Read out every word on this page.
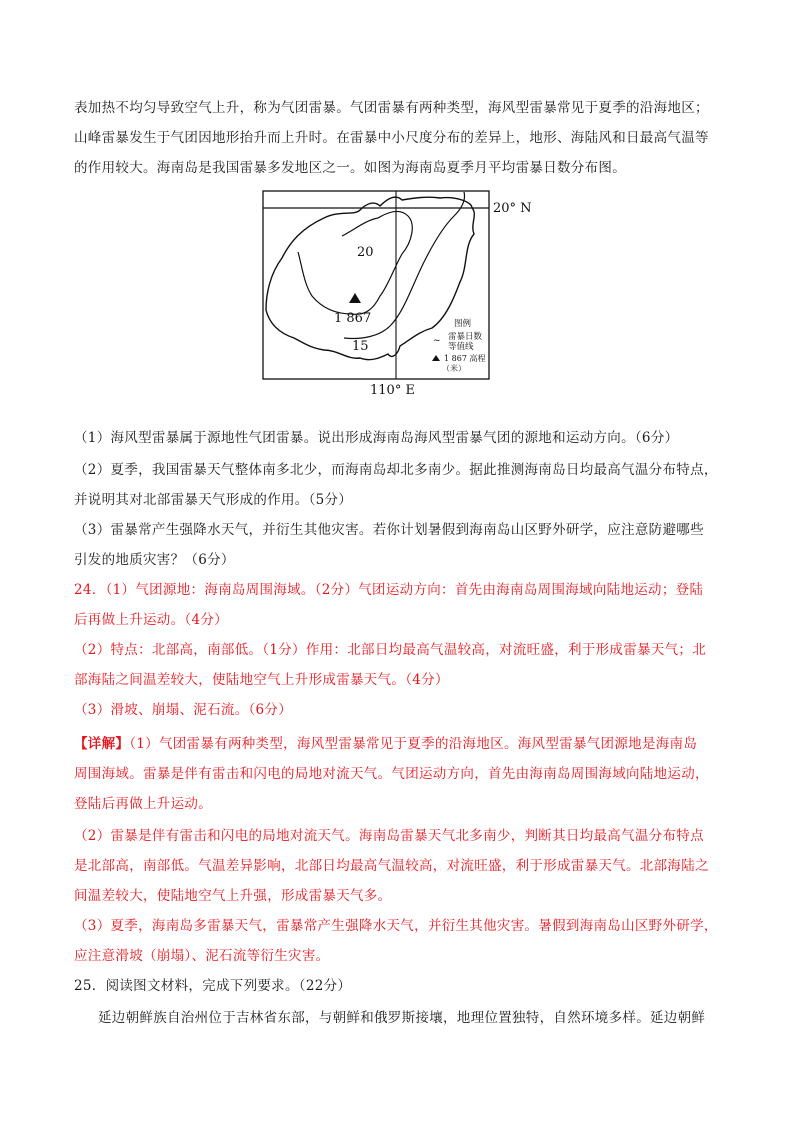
表加热不均匀导致空气上升，称为气团雷暴。气团雷暴有两种类型，海风型雷暴常见于夏季的沿海地区；
山峰雷暴发生于气团因地形抬升而上升时。在雷暴中小尺度分布的差异上，地形、海陆风和日最高气温等
的作用较大。海南岛是我国雷暴多发地区之一。如图为海南岛夏季月平均雷暴日数分布图。
20° N
20
1 867
15
110° E
图例
~ 雷暴日数
等值线
1 867 高程
（米）
（1）海风型雷暴属于源地性气团雷暴。说出形成海南岛海风型雷暴气团的源地和运动方向。（6分）
（2）夏季，我国雷暴天气整体南多北少，而海南岛却北多南少。据此推测海南岛日均最高气温分布特点，
并说明其对北部雷暴天气形成的作用。（5分）
（3）雷暴常产生强降水天气，并衍生其他灾害。若你计划暑假到海南岛山区野外研学，应注意防避哪些
引发的地质灾害？（6分）
24．（1）气团源地：海南岛周围海域。（2分）气团运动方向：首先由海南岛周围海域向陆地运动；登陆
后再做上升运动。（4分）
（2）特点：北部高，南部低。（1分）作用：北部日均最高气温较高，对流旺盛，利于形成雷暴天气；北
部海陆之间温差较大，使陆地空气上升形成雷暴天气。（4分）
（3）滑坡、崩塌、泥石流。（6分）
【详解】（1）气团雷暴有两种类型，海风型雷暴常见于夏季的沿海地区。海风型雷暴气团源地是海南岛
周围海域。雷暴是伴有雷击和闪电的局地对流天气。气团运动方向，首先由海南岛周围海域向陆地运动，
登陆后再做上升运动。
（2）雷暴是伴有雷击和闪电的局地对流天气。海南岛雷暴天气北多南少，判断其日均最高气温分布特点
是北部高，南部低。气温差异影响，北部日均最高气温较高，对流旺盛，利于形成雷暴天气。北部海陆之
间温差较大，使陆地空气上升强，形成雷暴天气多。
（3）夏季，海南岛多雷暴天气，雷暴常产生强降水天气，并衍生其他灾害。暑假到海南岛山区野外研学，
应注意滑坡（崩塌）、泥石流等衍生灾害。
25．阅读图文材料，完成下列要求。（22分）
延边朝鲜族自治州位于吉林省东部，与朝鲜和俄罗斯接壤，地理位置独特，自然环境多样。延边朝鲜
